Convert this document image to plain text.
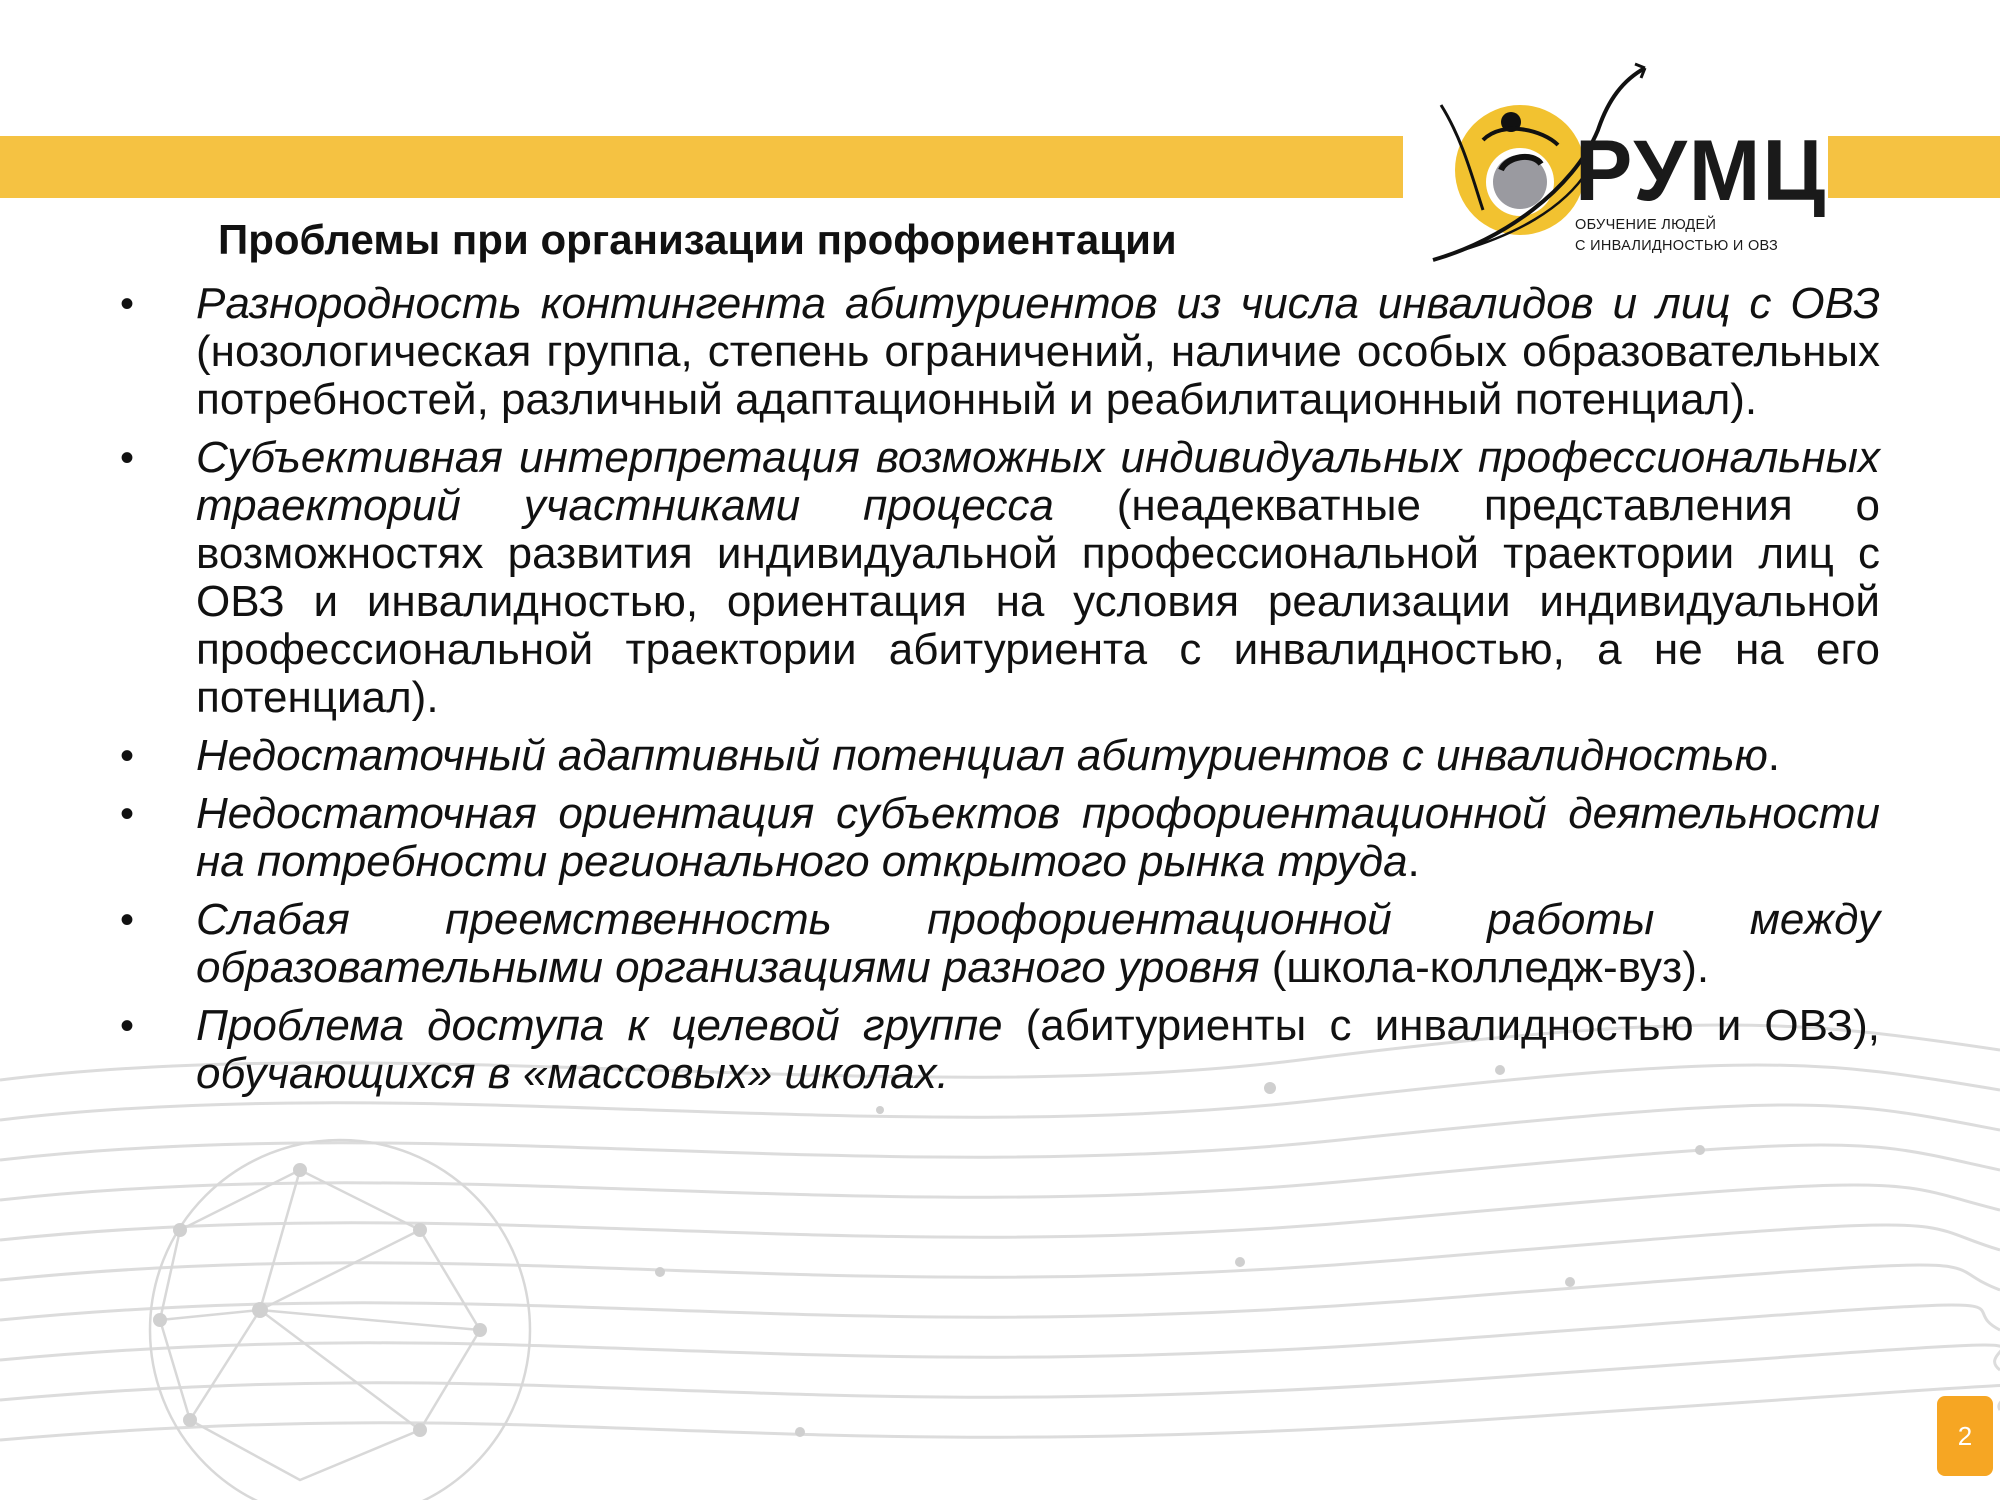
РУМЦ
ОБУЧЕНИЕ ЛЮДЕЙ
С ИНВАЛИДНОСТЬЮ И ОВЗ
Проблемы при организации профориентации
• Разнородность контингента абитуриентов из числа инвалидов и лиц с ОВЗ (нозологическая группа, степень ограничений, наличие особых образовательных потребностей, различный адаптационный и реабилитационный потенциал).
• Субъективная интерпретация возможных индивидуальных профессиональных траекторий участниками процесса (неадекватные представления о возможностях развития индивидуальной профессиональной траектории лиц с ОВЗ и инвалидностью, ориентация на условия реализации индивидуальной профессиональной траектории абитуриента с инвалидностью, а не на его потенциал).
• Недостаточный адаптивный потенциал абитуриентов с инвалидностью.
• Недостаточная ориентация субъектов профориентационной деятельности на потребности регионального открытого рынка труда.
• Слабая преемственность профориентационной работы между образовательными организациями разного уровня (школа-колледж-вуз).
• Проблема доступа к целевой группе (абитуриенты с инвалидностью и ОВЗ), обучающихся в «массовых» школах.
2
